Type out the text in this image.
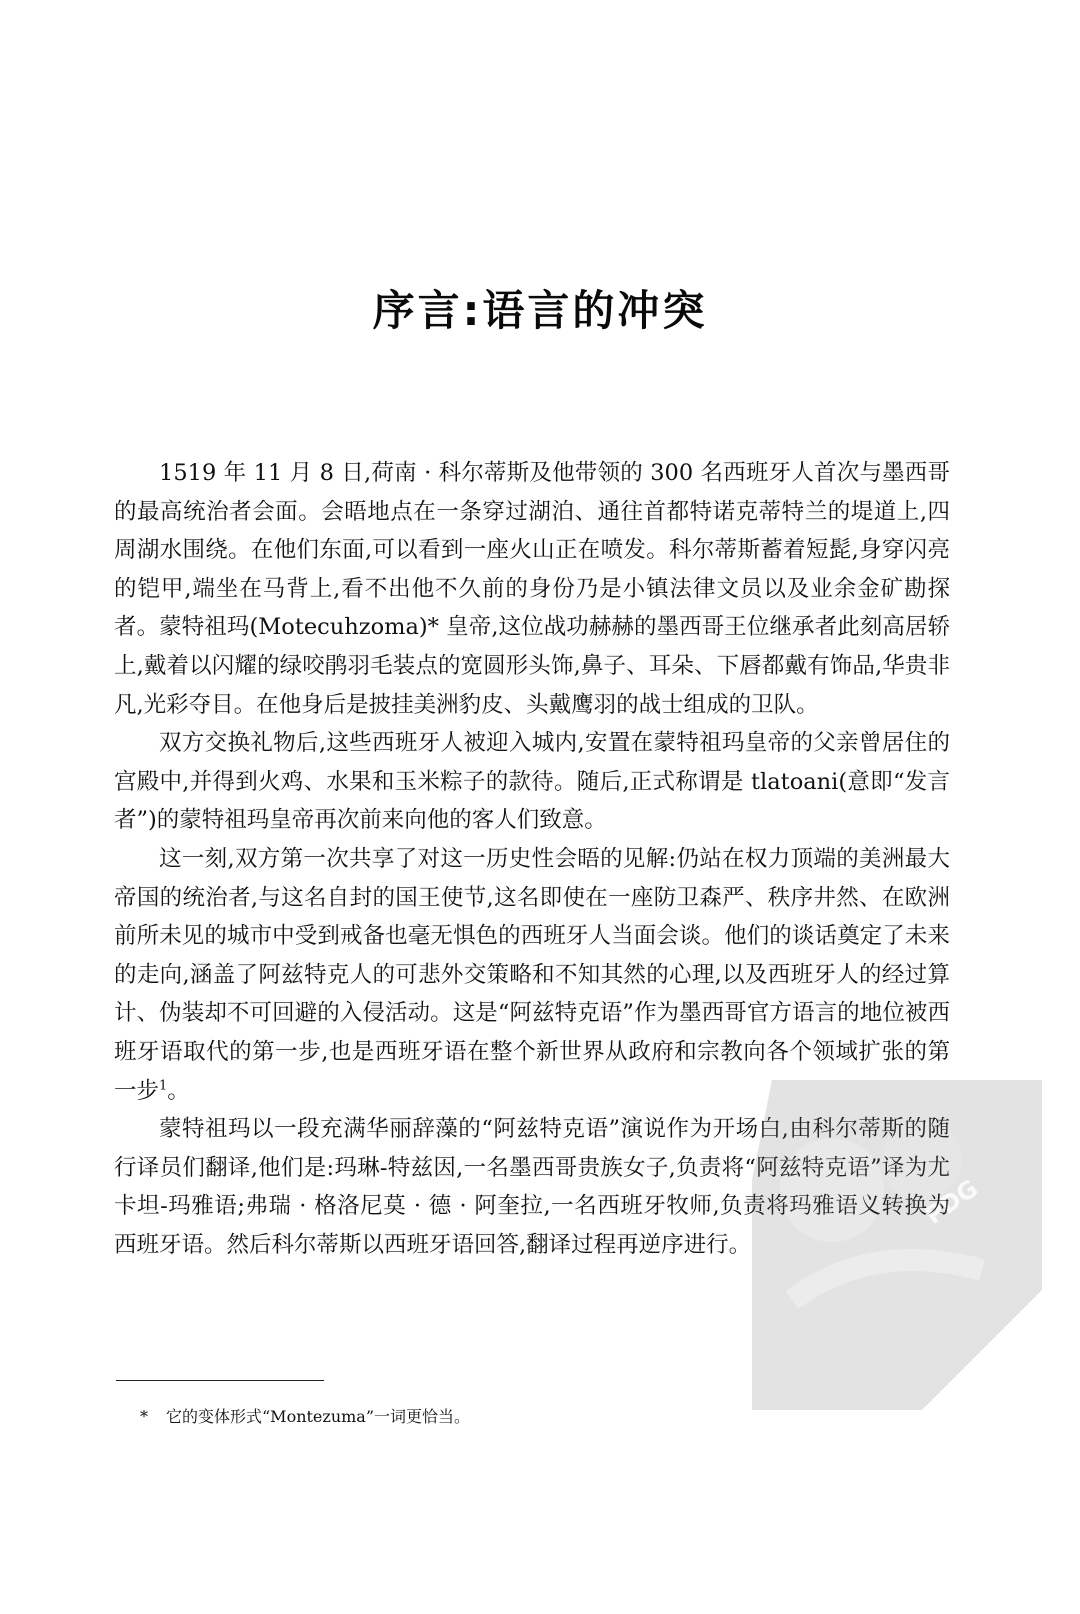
序言:语言的冲突

1519 年 11 月 8 日,荷南 · 科尔蒂斯及他带领的 300 名西班牙人首次与墨西哥的最高统治者会面。会晤地点在一条穿过湖泊、通往首都特诺克蒂特兰的堤道上,四周湖水围绕。在他们东面,可以看到一座火山正在喷发。科尔蒂斯蓄着短髭,身穿闪亮的铠甲,端坐在马背上,看不出他不久前的身份乃是小镇法律文员以及业余金矿勘探者。蒙特祖玛(Motecuhzoma)* 皇帝,这位战功赫赫的墨西哥王位继承者此刻高居轿上,戴着以闪耀的绿咬鹃羽毛装点的宽圆形头饰,鼻子、耳朵、下唇都戴有饰品,华贵非凡,光彩夺目。在他身后是披挂美洲豹皮、头戴鹰羽的战士组成的卫队。

双方交换礼物后,这些西班牙人被迎入城内,安置在蒙特祖玛皇帝的父亲曾居住的宫殿中,并得到火鸡、水果和玉米粽子的款待。随后,正式称谓是 tlatoani(意即“发言者”)的蒙特祖玛皇帝再次前来向他的客人们致意。

这一刻,双方第一次共享了对这一历史性会晤的见解:仍站在权力顶端的美洲最大帝国的统治者,与这名自封的国王使节,这名即使在一座防卫森严、秩序井然、在欧洲前所未见的城市中受到戒备也毫无惧色的西班牙人当面会谈。他们的谈话奠定了未来的走向,涵盖了阿兹特克人的可悲外交策略和不知其然的心理,以及西班牙人的经过算计、伪装却不可回避的入侵活动。这是“阿兹特克语”作为墨西哥官方语言的地位被西班牙语取代的第一步,也是西班牙语在整个新世界从政府和宗教向各个领域扩张的第一步$^1$。

蒙特祖玛以一段充满华丽辞藻的“阿兹特克语”演说作为开场白,由科尔蒂斯的随行译员们翻译,他们是:玛琳-特兹因,一名墨西哥贵族女子,负责将“阿兹特克语”译为尤卡坦-玛雅语;弗瑞 · 格洛尼莫 · 德 · 阿奎拉,一名西班牙牧师,负责将玛雅语义转换为西班牙语。然后科尔蒂斯以西班牙语回答,翻译过程再逆序进行。

* 它的变体形式“Montezuma”一词更恰当。
PDG
